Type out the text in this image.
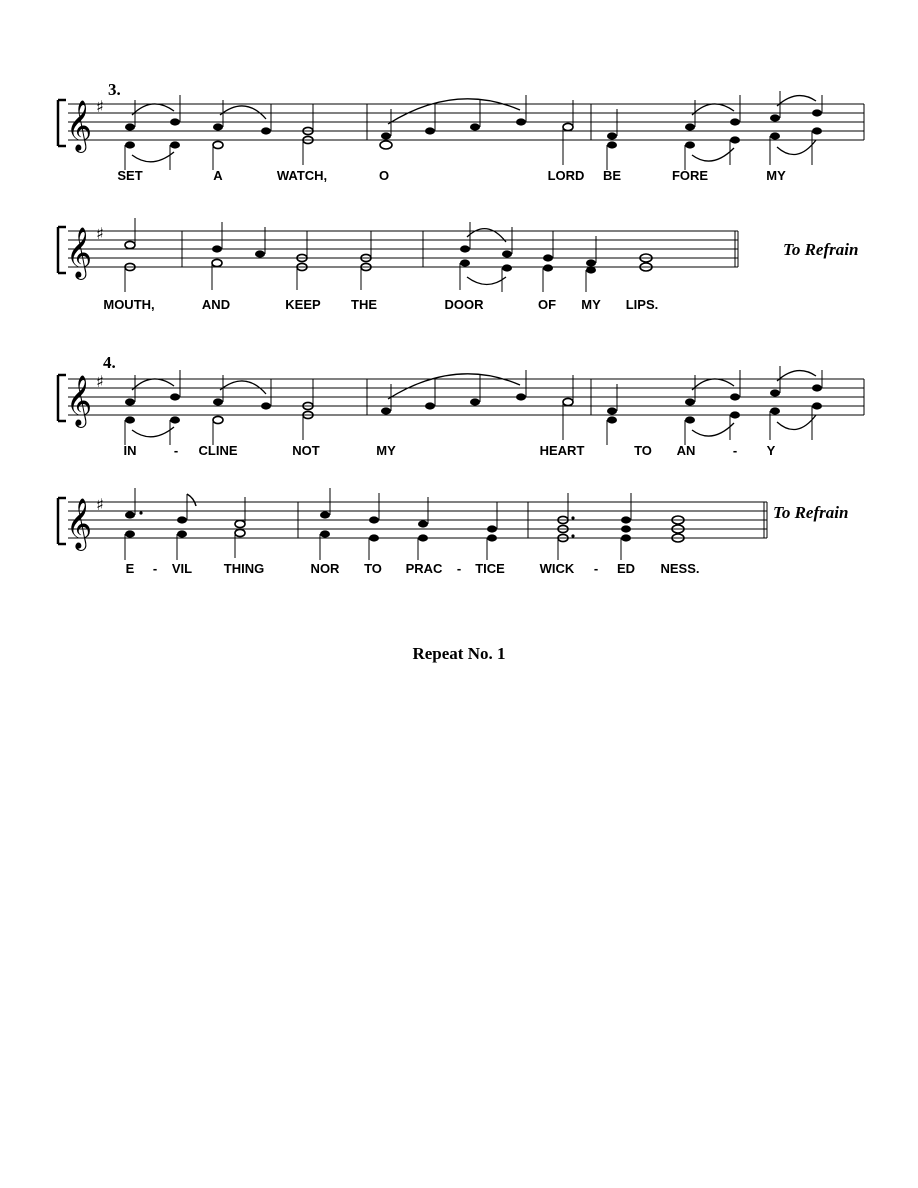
3.
𝄞 ♯
SET	A	WATCH,	O	LORD BE	FORE	MY
𝄞 ♯
MOUTH,	AND	KEEP THE	DOOR	OF MY LIPS.
To Refrain
4.
𝄞 ♯
IN	- CLINE	NOT	MY	HEART	TO AN	- Y
𝄞 ♯
E - VIL THING	NOR TO PRAC - TICE	WICK - ED NESS.
To Refrain
Repeat No. 1
